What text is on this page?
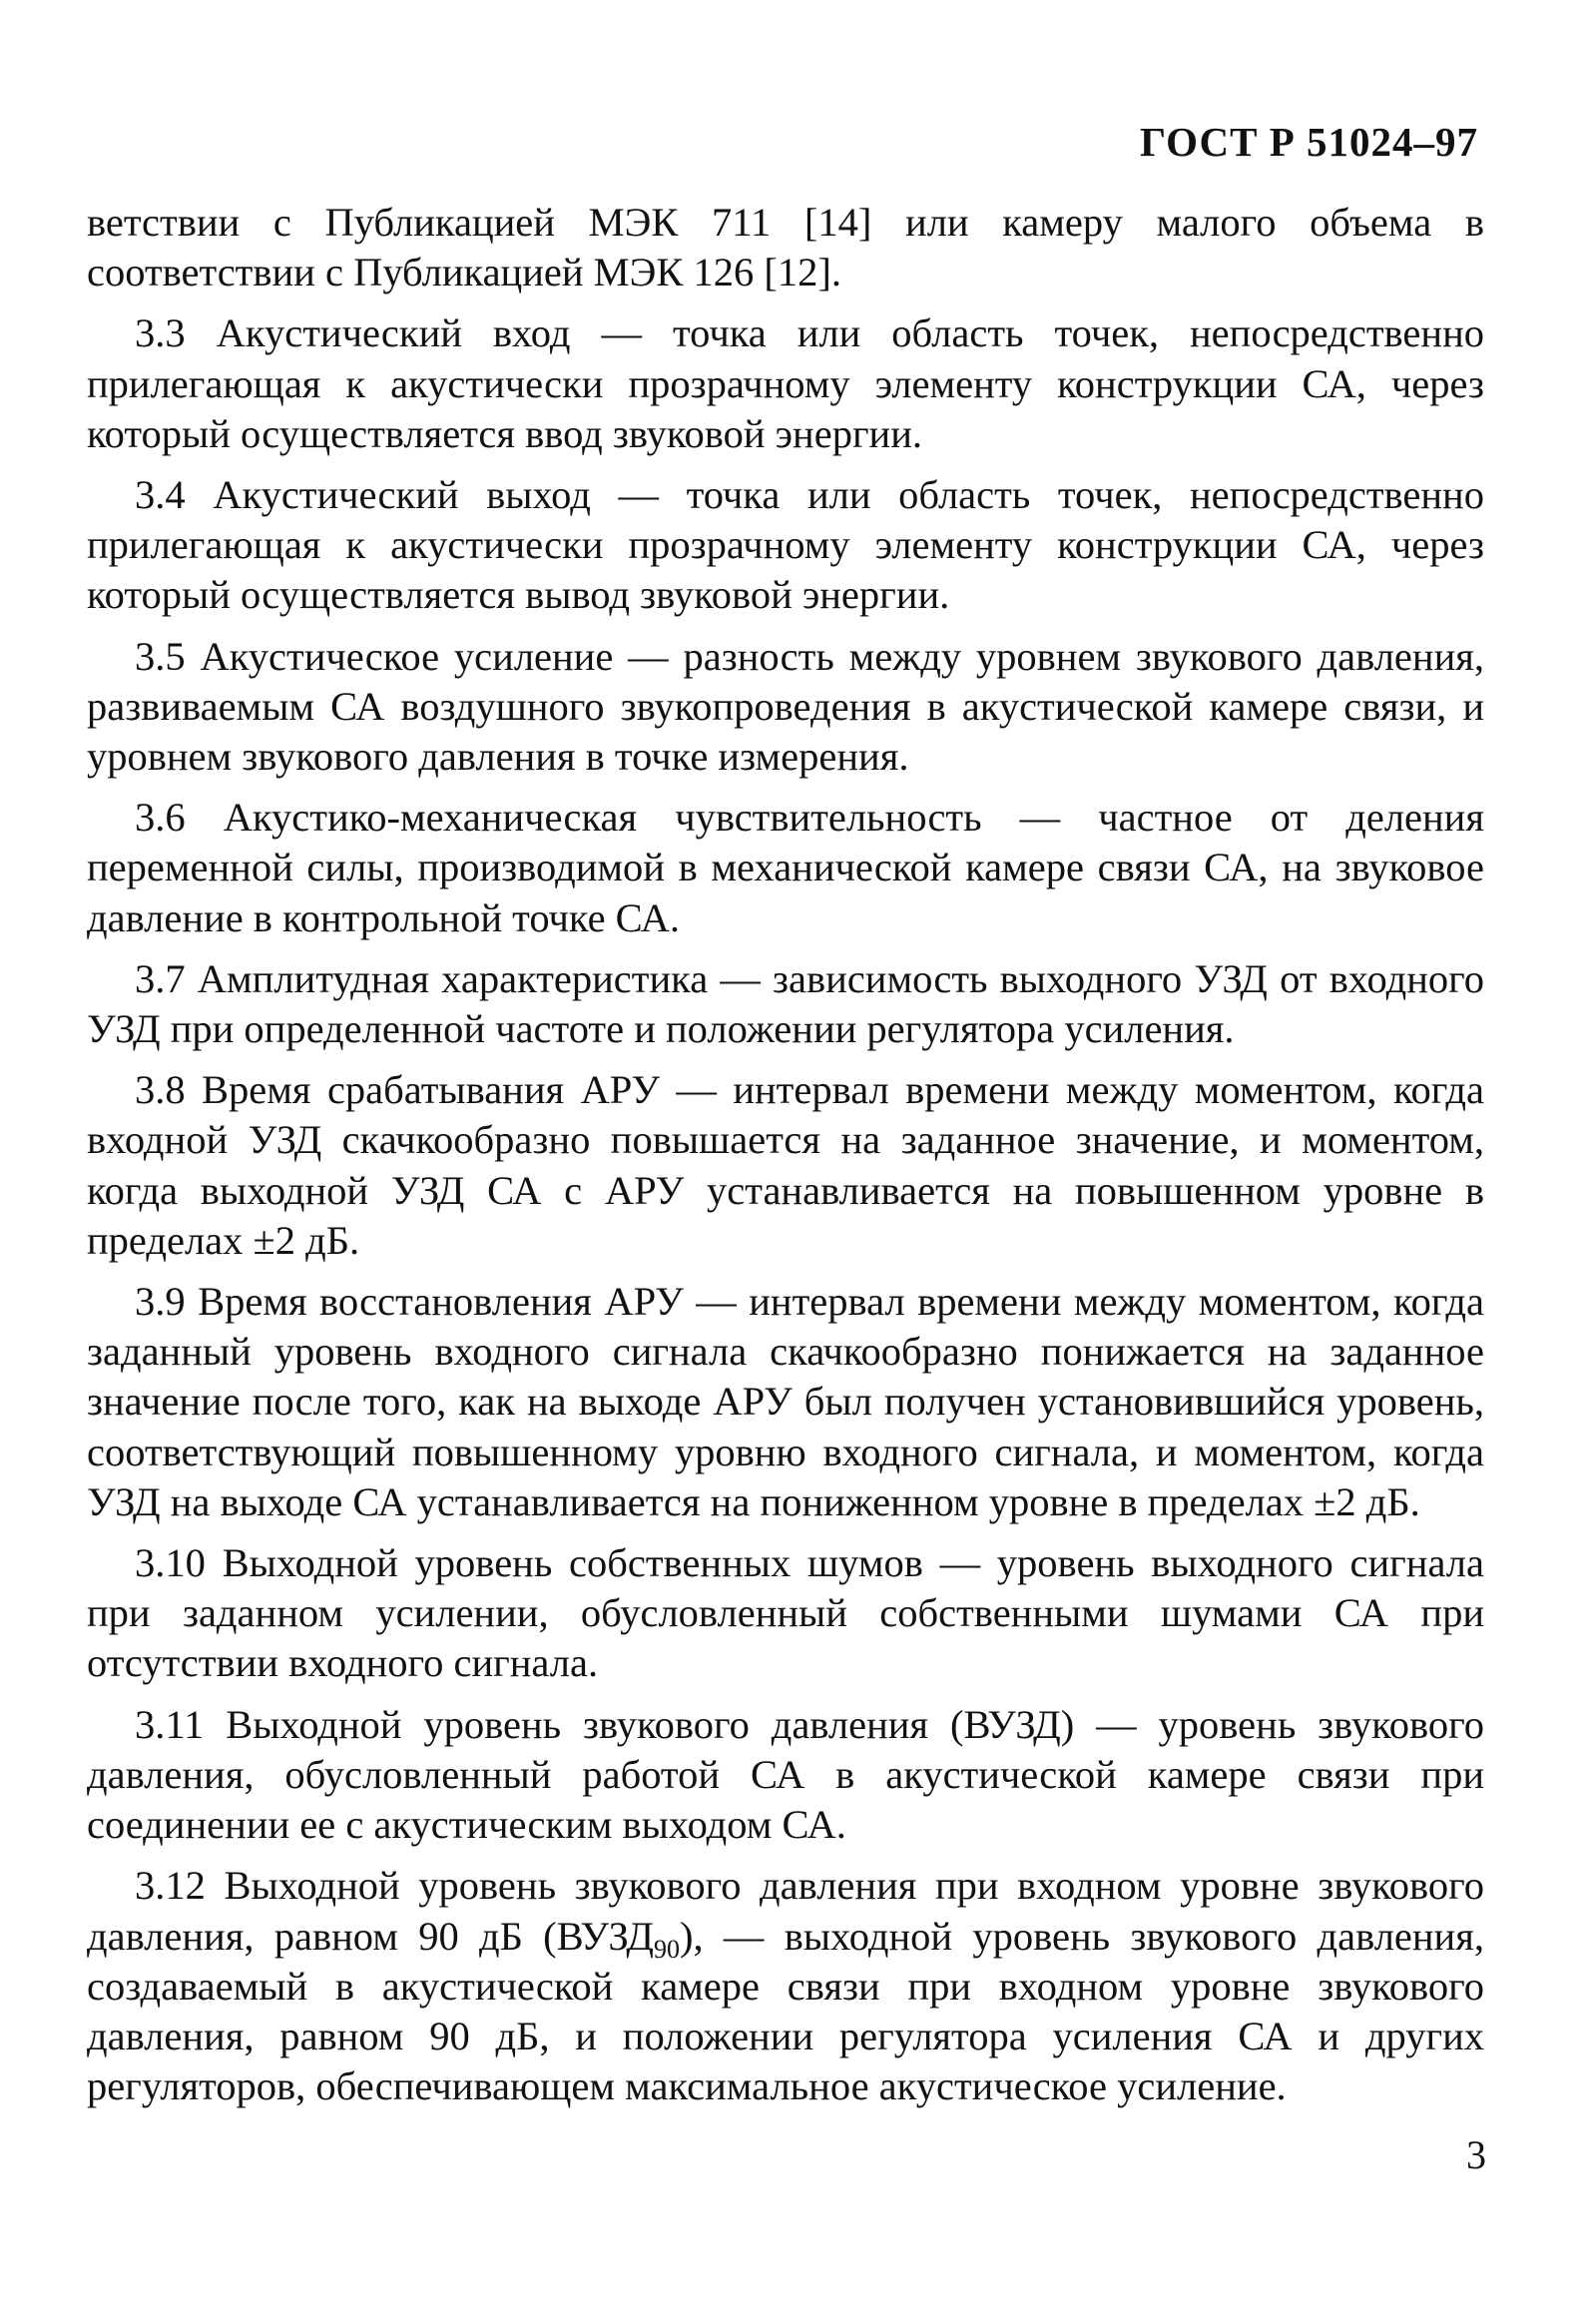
ГОСТ Р 51024–97

ветствии с Публикацией МЭК 711 [14] или камеру малого объема в соответствии с Публикацией МЭК 126 [12].

3.3 Акустический вход — точка или область точек, непосредственно прилегающая к акустически прозрачному элементу конструкции СА, через который осуществляется ввод звуковой энергии.

3.4 Акустический выход — точка или область точек, непосредственно прилегающая к акустически прозрачному элементу конструкции СА, через который осуществляется вывод звуковой энергии.

3.5 Акустическое усиление — разность между уровнем звукового давления, развиваемым СА воздушного звукопроведения в акустической камере связи, и уровнем звукового давления в точке измерения.

3.6 Акустико-механическая чувствительность — частное от деления переменной силы, производимой в механической камере связи СА, на звуковое давление в контрольной точке СА.

3.7 Амплитудная характеристика — зависимость выходного УЗД от входного УЗД при определенной частоте и положении регулятора усиления.

3.8 Время срабатывания АРУ — интервал времени между моментом, когда входной УЗД скачкообразно повышается на заданное значение, и моментом, когда выходной УЗД СА с АРУ устанавливается на повышенном уровне в пределах ±2 дБ.

3.9 Время восстановления АРУ — интервал времени между моментом, когда заданный уровень входного сигнала скачкообразно понижается на заданное значение после того, как на выходе АРУ был получен установившийся уровень, соответствующий повышенному уровню входного сигнала, и моментом, когда УЗД на выходе СА устанавливается на пониженном уровне в пределах ±2 дБ.

3.10 Выходной уровень собственных шумов — уровень выходного сигнала при заданном усилении, обусловленный собственными шумами СА при отсутствии входного сигнала.

3.11 Выходной уровень звукового давления (ВУЗД) — уровень звукового давления, обусловленный работой СА в акустической камере связи при соединении ее с акустическим выходом СА.

3.12 Выходной уровень звукового давления при входном уровне звукового давления, равном 90 дБ $(ВУЗД_{90})$, — выходной уровень звукового давления, создаваемый в акустической камере связи при входном уровне звукового давления, равном 90 дБ, и положении регулятора усиления СА и других регуляторов, обеспечивающем максимальное акустическое усиление.

3
